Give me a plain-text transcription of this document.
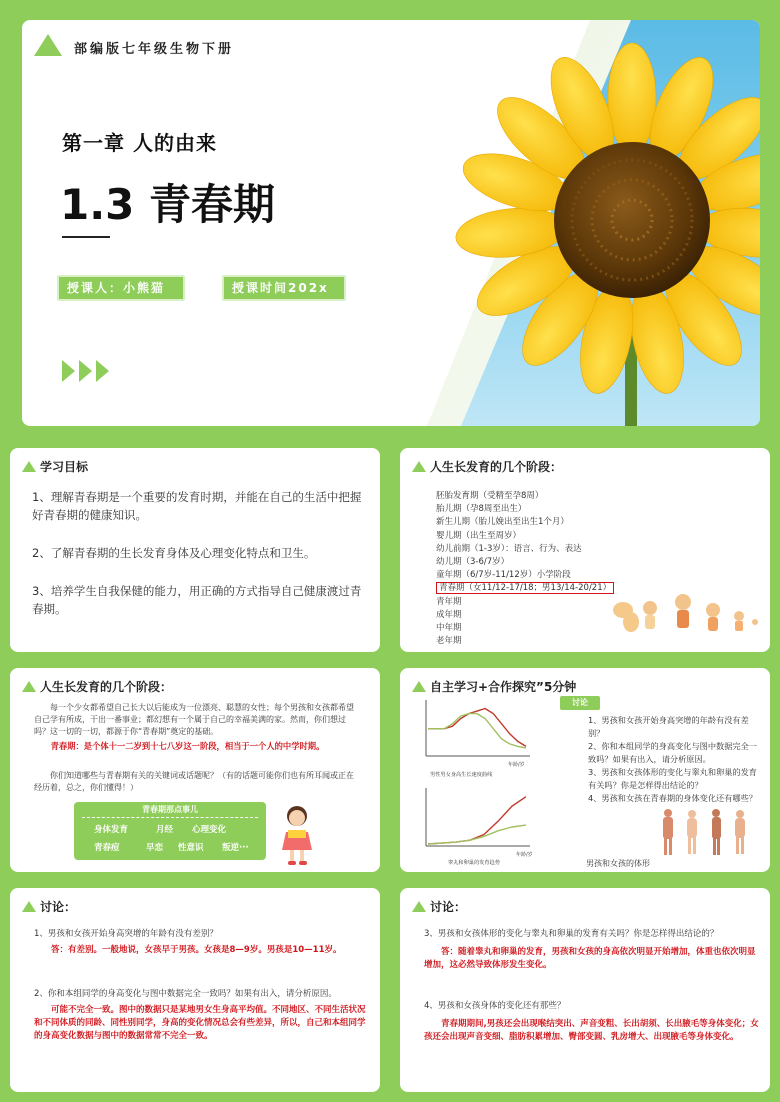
部编版七年级生物下册
第一章 人的由来
1.3 青春期
授课人：小熊猫	授课时间202x
学习目标
1、理解青春期是一个重要的发育时期，并能在自己的生活中把握好青春期的健康知识。
2、了解青春期的生长发育身体及心理变化特点和卫生。
3、培养学生自我保健的能力，用正确的方式指导自己健康渡过青春期。
人生长发育的几个阶段：
胚胎发育期（受精至孕8周）
胎儿期（孕8周至出生）
新生儿期（胎儿娩出至出生1个月）
婴儿期（出生至周岁）
幼儿前期（1-3岁）：语言、行为、表达
幼儿期（3-6/7岁）
童年期（6/7岁-11/12岁）小学阶段
青春期（女11/12-17/18；男13/14-20/21）
青年期
成年期
中年期
老年期
人生长发育的几个阶段：
每一个少女都希望自己长大以后能成为一位漂亮、聪慧的女性；每个男孩和女孩都希望自己学有所成，干出一番事业；都幻想有一个属于自己的幸福美满的家。然而，你们想过吗？这一切的一切，都源于你“青春期”奠定的基础。
青春期：是个体十一二岁到十七八岁这一阶段，相当于一个人的中学时期。
你们知道哪些与青春期有关的关键词或话题呢？（有的话题可能你们也有所耳闻或正在经历着，总之，你们懂得！）
青春期那点事儿
身体发育	月经 心理变化
青春痘	早恋 性意识 叛逆···
自主学习+合作探究”5分钟
年龄/岁
男性男女身高生长速度曲线
年龄/岁
睾丸和卵巢的发育趋势
讨论
1、男孩和女孩开始身高突增的年龄有没有差别？
2、你和本组同学的身高变化与图中数据完全一致吗？如果有出入，请分析原因。
3、男孩和女孩体形的变化与睾丸和卵巢的发育有关吗？你是怎样得出结论的？
4、男孩和女孩在青春期的身体变化还有哪些？
男孩和女孩的体形
讨论：
1、男孩和女孩开始身高突增的年龄有没有差别？
答：有差别。一般地说，女孩早于男孩。女孩是8—9岁。男孩是10—11岁。
2、你和本组同学的身高变化与图中数据完全一致吗？如果有出入，请分析原因。
可能不完全一致。图中的数据只是某地男女生身高平均值。不同地区、不同生活状况和不同体质的同龄、同性别同学，身高的变化情况总会有些差异，所以，自己和本组同学的身高变化数据与图中的数据常常不完全一致。
讨论：
3、男孩和女孩体形的变化与睾丸和卵巢的发育有关吗？你是怎样得出结论的？
答：随着睾丸和卵巢的发育，男孩和女孩的身高依次明显开始增加，体重也依次明显增加，这必然导致体形发生变化。
4、男孩和女孩身体的变化还有那些？
青春期期间,男孩还会出现喉结突出、声音变粗、长出胡须、长出腋毛等身体变化；女孩还会出现声音变细、脂肪积累增加、臀部变圆、乳房增大、出现腋毛等身体变化。
